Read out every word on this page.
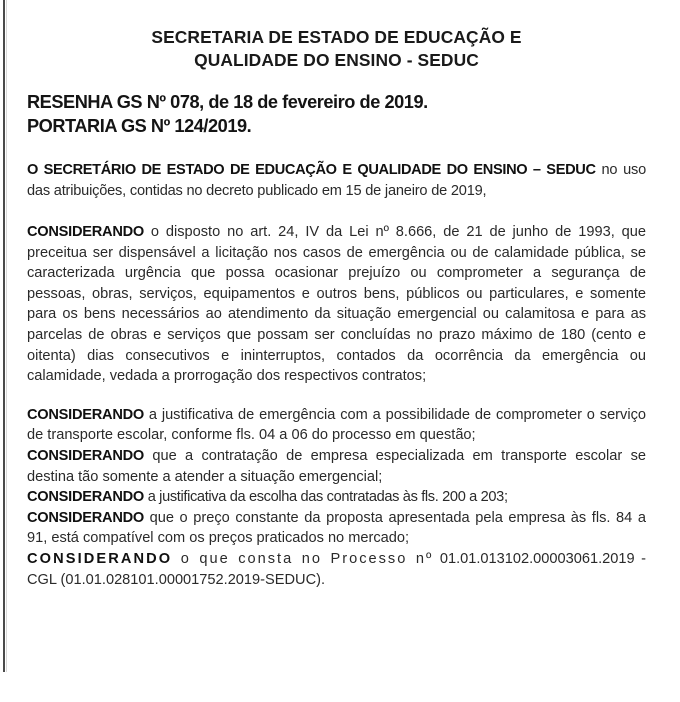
SECRETARIA DE ESTADO DE EDUCAÇÃO E
QUALIDADE DO ENSINO - SEDUC
RESENHA GS Nº 078, de 18 de fevereiro de 2019.
PORTARIA GS Nº 124/2019.

O SECRETÁRIO DE ESTADO DE EDUCAÇÃO E QUALIDADE DO ENSINO – SEDUC no uso das atribuições, contidas no decreto publicado em 15 de janeiro de 2019,

CONSIDERANDO o disposto no art. 24, IV da Lei nº 8.666, de 21 de junho de 1993, que preceitua ser dispensável a licitação nos casos de emergência ou de calamidade pública, se caracterizada urgência que possa ocasionar prejuízo ou comprometer a segurança de pessoas, obras, serviços, equipamentos e outros bens, públicos ou particulares, e somente para os bens necessários ao atendimento da situação emergencial ou calamitosa e para as parcelas de obras e serviços que possam ser concluídas no prazo máximo de 180 (cento e oitenta) dias consecutivos e ininterruptos, contados da ocorrência da emergência ou calamidade, vedada a prorrogação dos respectivos contratos;

CONSIDERANDO a justificativa de emergência com a possibilidade de comprometer o serviço de transporte escolar, conforme fls. 04 a 06 do processo em questão;

CONSIDERANDO que a contratação de empresa especializada em transporte escolar se destina tão somente a atender a situação emergencial;

CONSIDERANDO a justificativa da escolha das contratadas às fls. 200 a 203;

CONSIDERANDO que o preço constante da proposta apresentada pela empresa às fls. 84 a 91, está compatível com os preços praticados no mercado;

CONSIDERANDO o que consta no Processo nº 01.01.013102.00003061.2019 - CGL (01.01.028101.00001752.2019-SEDUC).
